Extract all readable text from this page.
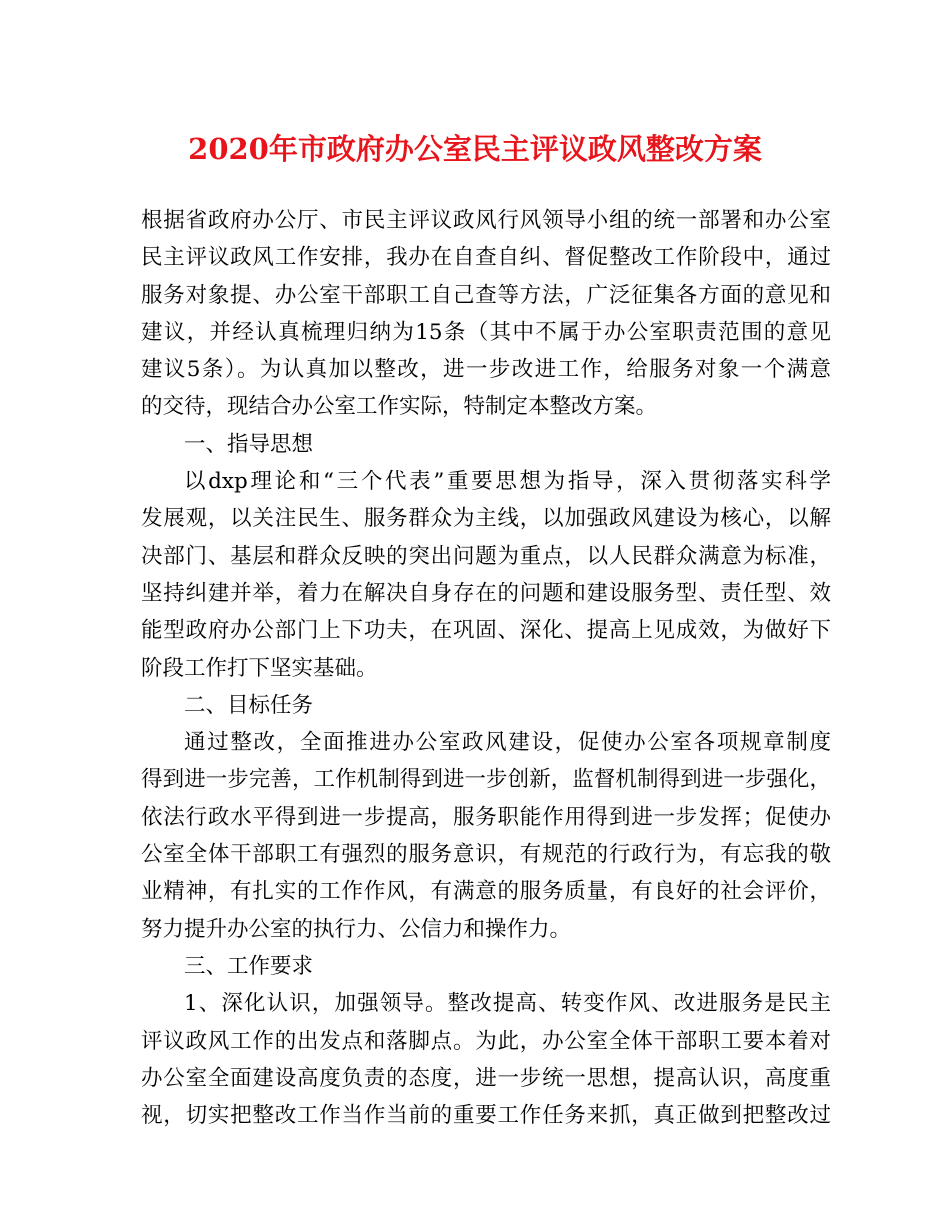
2020年市政府办公室民主评议政风整改方案
根据省政府办公厅、市民主评议政风行风领导小组的统一部署和办公室
民主评议政风工作安排，我办在自查自纠、督促整改工作阶段中，通过
服务对象提、办公室干部职工自己查等方法，广泛征集各方面的意见和
建议，并经认真梳理归纳为15条（其中不属于办公室职责范围的意见
建议5条）。为认真加以整改，进一步改进工作，给服务对象一个满意
的交待，现结合办公室工作实际，特制定本整改方案。
一、指导思想
以dxp理论和“三个代表”重要思想为指导，深入贯彻落实科学
发展观，以关注民生、服务群众为主线，以加强政风建设为核心，以解
决部门、基层和群众反映的突出问题为重点，以人民群众满意为标准，
坚持纠建并举，着力在解决自身存在的问题和建设服务型、责任型、效
能型政府办公部门上下功夫，在巩固、深化、提高上见成效，为做好下
阶段工作打下坚实基础。
二、目标任务
通过整改，全面推进办公室政风建设，促使办公室各项规章制度
得到进一步完善，工作机制得到进一步创新，监督机制得到进一步强化，
依法行政水平得到进一步提高，服务职能作用得到进一步发挥；促使办
公室全体干部职工有强烈的服务意识，有规范的行政行为，有忘我的敬
业精神，有扎实的工作作风，有满意的服务质量，有良好的社会评价，
努力提升办公室的执行力、公信力和操作力。
三、工作要求
1、深化认识，加强领导。整改提高、转变作风、改进服务是民主
评议政风工作的出发点和落脚点。为此，办公室全体干部职工要本着对
办公室全面建设高度负责的态度，进一步统一思想，提高认识，高度重
视，切实把整改工作当作当前的重要工作任务来抓，真正做到把整改过
